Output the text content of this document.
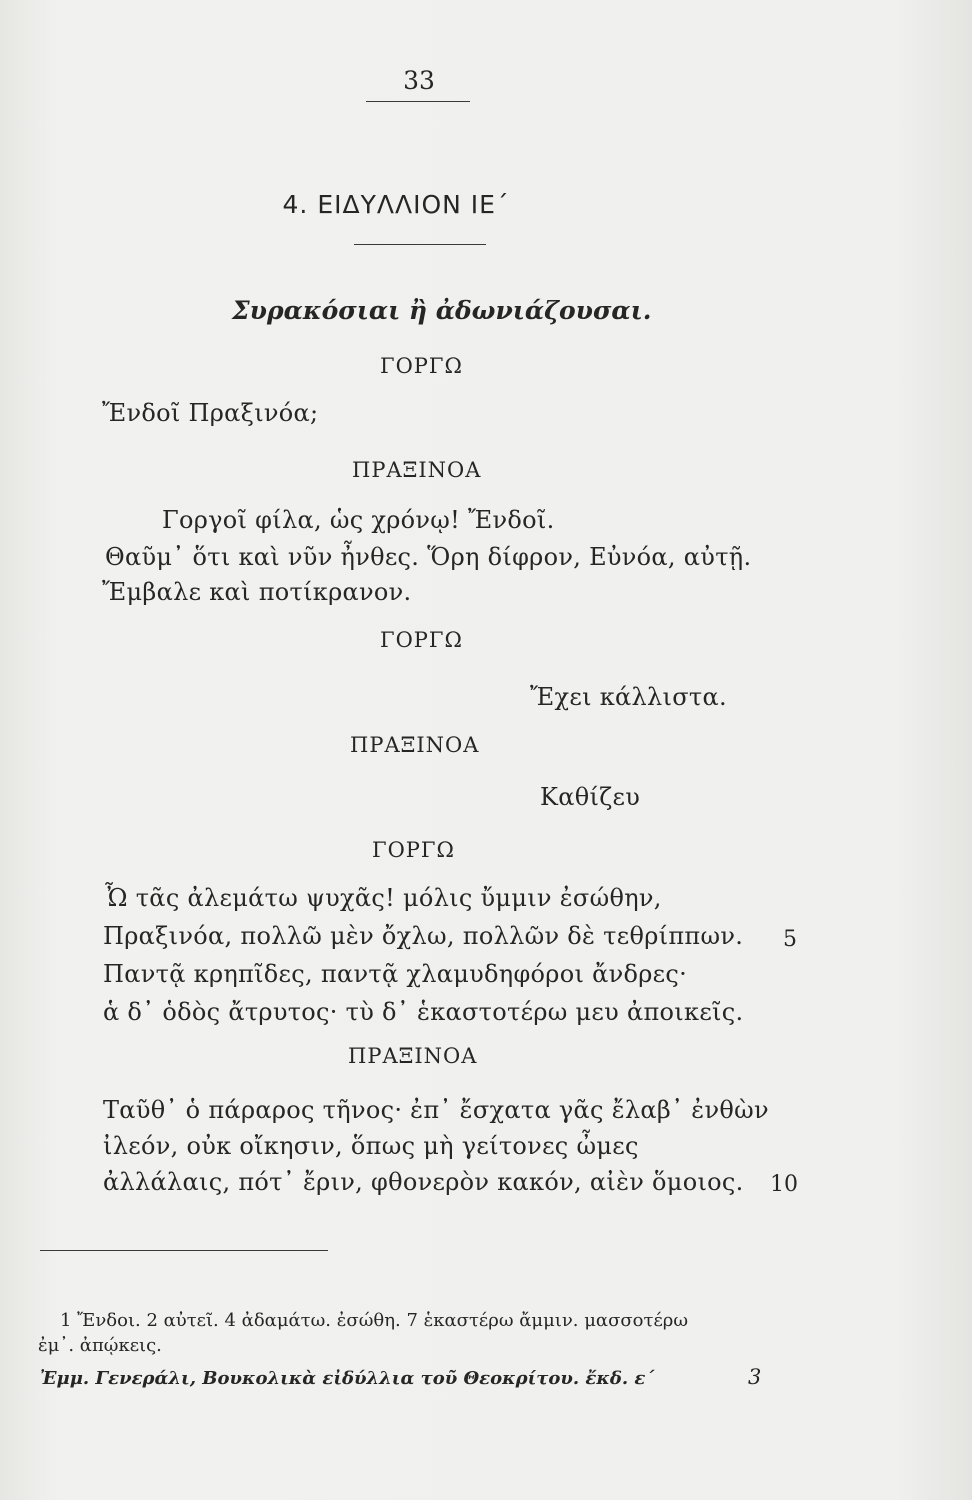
33
4. ΕΙΔΥΛΛΙΟΝ ΙΕ΄
Συρακόσιαι ἢ ἀδωνιάζουσαι.
ΓΟΡΓΩ
Ἔνδοῖ Πραξινόα;
ΠΡΑΞΙΝΟΑ
Γοργοῖ φίλα, ὡς χρόνῳ! Ἔνδοῖ.
Θαῦμ᾽ ὅτι καὶ νῦν ἦνθες. Ὅρη δίφρον, Εὐνόα, αὐτῇ.
Ἔμβαλε καὶ ποτίκρανον.
ΓΟΡΓΩ
Ἔχει κάλλιστα.
ΠΡΑΞΙΝΟΑ
Καθίζευ
ΓΟΡΓΩ
Ὦ τᾶς ἀλεμάτω ψυχᾶς! μόλις ὔμμιν ἐσώθην,
Πραξινόα, πολλῶ μὲν ὄχλω, πολλῶν δὲ τεθρίππων. 5
Παντᾷ κρηπῖδες, παντᾷ χλαμυδηφόροι ἄνδρες·
ἁ δ᾽ ὁδὸς ἄτρυτος· τὺ δ᾽ ἑκαστοτέρω μευ ἀποικεῖς.
ΠΡΑΞΙΝΟΑ
Ταῦθ᾽ ὁ πάραρος τῆνος· ἐπ᾽ ἔσχατα γᾶς ἔλαβ᾽ ἐνθὼν
ἰλεόν, οὐκ οἴκησιν, ὅπως μὴ γείτονες ὦμες
ἀλλάλαις, πότ᾽ ἔριν, φθονερὸν κακόν, αἰὲν ὅμοιος. 10
1 Ἔνδοι. 2 αὐτεῖ. 4 ἀδαμάτω. ἐσώθη. 7 ἑκαστέρω ἄμμιν. μασσοτέρω
ἐμ᾽. ἀπῴκεις.
Ἐμμ. Γενεράλι, Βουκολικὰ εἰδύλλια τοῦ Θεοκρίτου. ἔκδ. ε΄	3
